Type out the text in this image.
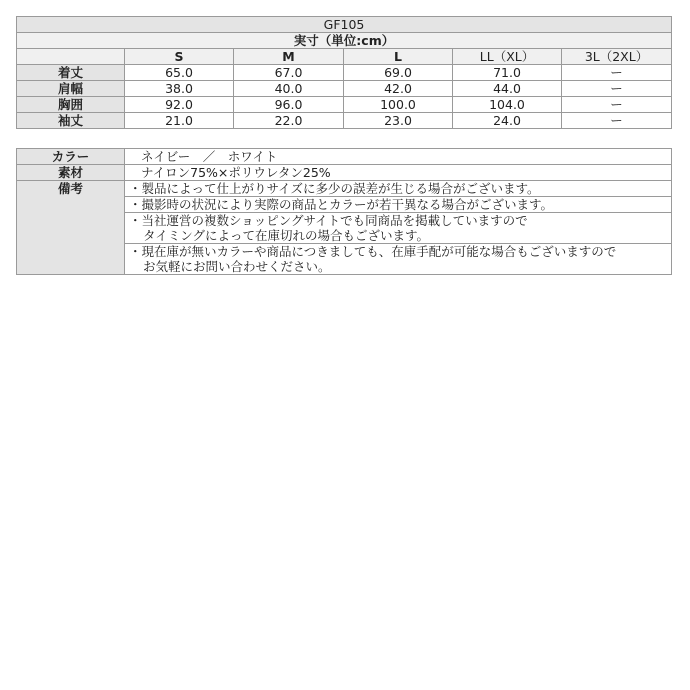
GF105					
実寸（単位:cm）					
	S	M	L	LL（XL）	3L（2XL）
着丈	65.0	67.0	69.0	71.0	ー
肩幅	38.0	40.0	42.0	44.0	ー
胸囲	92.0	96.0	100.0	104.0	ー
袖丈	21.0	22.0	23.0	24.0	ー
カラー	ネイビー　／　ホワイト
素材	ナイロン75%×ポリウレタン25%
備考	・製品によって仕上がりサイズに多少の誤差が生じる場合がございます。

	・撮影時の状況により実際の商品とカラーが若干異なる場合がございます。

	・当社運営の複数ショッピングサイトでも同商品を掲載していますので
タイミングによって在庫切れの場合もございます。

	・現在庫が無いカラーや商品につきましても、在庫手配が可能な場合もございますので
お気軽にお問い合わせください。
